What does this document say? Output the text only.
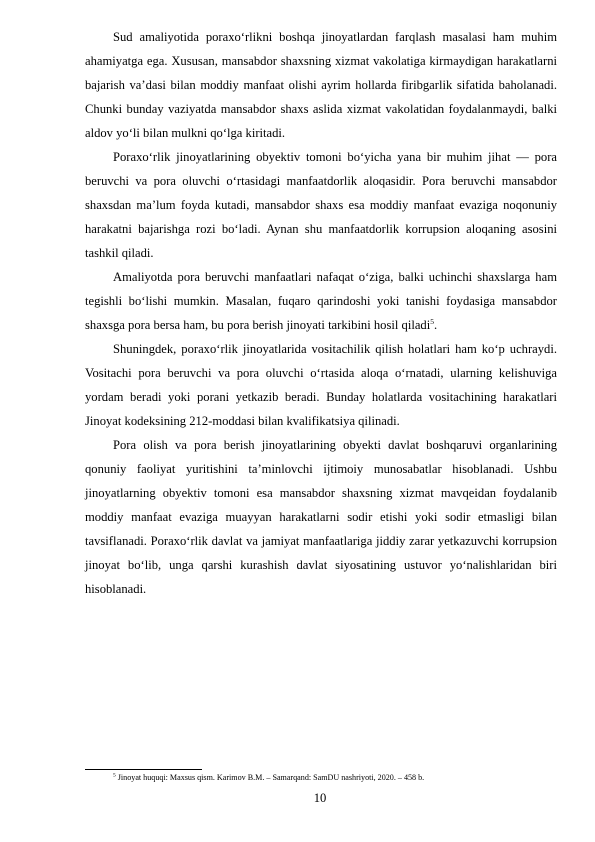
Sud amaliyotida poraxo‘rlikni boshqa jinoyatlardan farqlash masalasi ham muhim ahamiyatga ega. Xususan, mansabdor shaxsning xizmat vakolatiga kirmaydigan harakatlarni bajarish va’dasi bilan moddiy manfaat olishi ayrim hollarda firibgarlik sifatida baholanadi. Chunki bunday vaziyatda mansabdor shaxs aslida xizmat vakolatidan foydalanmaydi, balki aldov yo‘li bilan mulkni qo‘lga kiritadi.

Poraxo‘rlik jinoyatlarining obyektiv tomoni bo‘yicha yana bir muhim jihat — pora beruvchi va pora oluvchi o‘rtasidagi manfaatdorlik aloqasidir. Pora beruvchi mansabdor shaxsdan ma’lum foyda kutadi, mansabdor shaxs esa moddiy manfaat evaziga noqonuniy harakatni bajarishga rozi bo‘ladi. Aynan shu manfaatdorlik korrupsion aloqaning asosini tashkil qiladi.

Amaliyotda pora beruvchi manfaatlari nafaqat o‘ziga, balki uchinchi shaxslarga ham tegishli bo‘lishi mumkin. Masalan, fuqaro qarindoshi yoki tanishi foydasiga mansabdor shaxsga pora bersa ham, bu pora berish jinoyati tarkibini hosil qiladi$^5$.

Shuningdek, poraxo‘rlik jinoyatlarida vositachilik qilish holatlari ham ko‘p uchraydi. Vositachi pora beruvchi va pora oluvchi o‘rtasida aloqa o‘rnatadi, ularning kelishuviga yordam beradi yoki porani yetkazib beradi. Bunday holatlarda vositachining harakatlari Jinoyat kodeksining 212-moddasi bilan kvalifikatsiya qilinadi.

Pora olish va pora berish jinoyatlarining obyekti davlat boshqaruvi organlarining qonuniy faoliyat yuritishini ta’minlovchi ijtimoiy munosabatlar hisoblanadi. Ushbu jinoyatlarning obyektiv tomoni esa mansabdor shaxsning xizmat mavqeidan foydalanib moddiy manfaat evaziga muayyan harakatlarni sodir etishi yoki sodir etmasligi bilan tavsiflanadi. Poraxo‘rlik davlat va jamiyat manfaatlariga jiddiy zarar yetkazuvchi korrupsion jinoyat bo‘lib, unga qarshi kurashish davlat siyosatining ustuvor yo‘nalishlaridan biri hisoblanadi.

$^5$ Jinoyat huquqi: Maxsus qism. Karimov B.M. – Samarqand: SamDU nashriyoti, 2020. – 458 b.
10
